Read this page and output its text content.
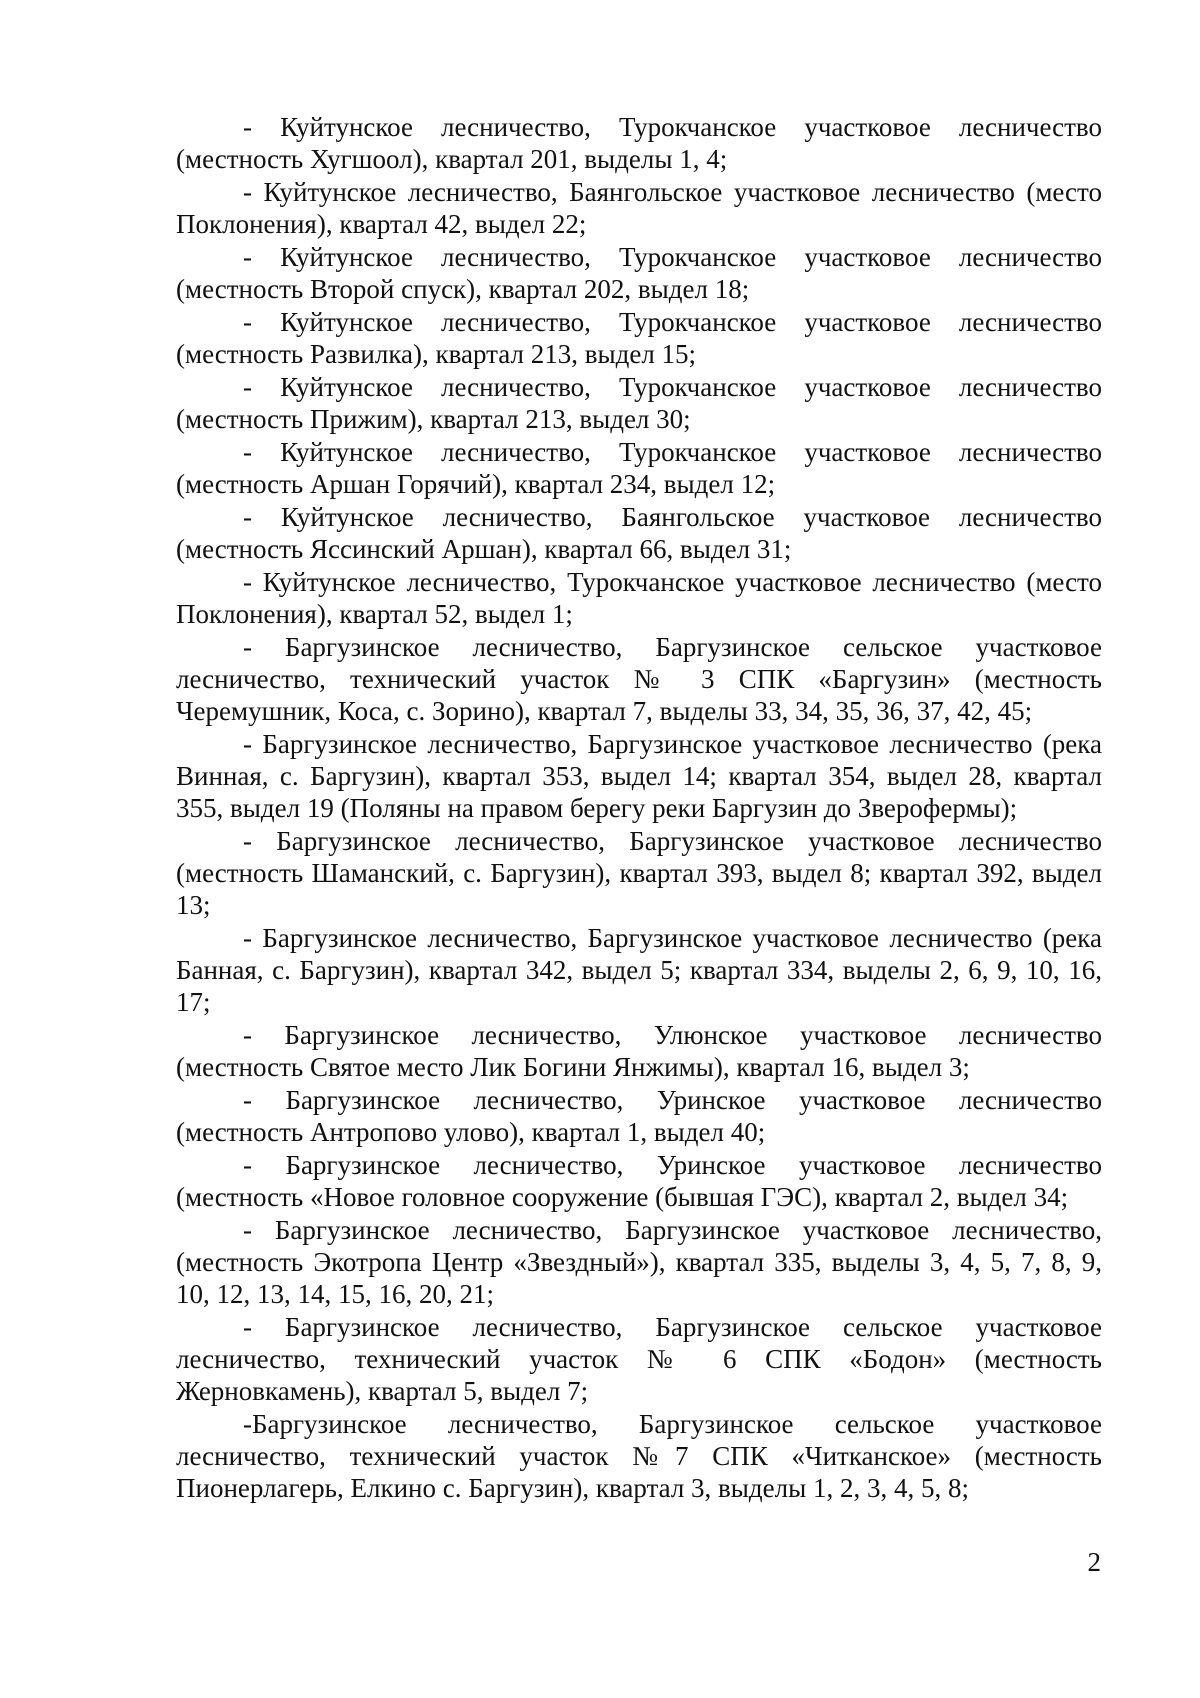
- Куйтунское лесничество, Турокчанское участковое лесничество (местность Хугшоол), квартал 201, выделы 1, 4;

- Куйтунское лесничество, Баянгольское участковое лесничество (место Поклонения), квартал 42, выдел 22;

- Куйтунское лесничество, Турокчанское участковое лесничество (местность Второй спуск), квартал 202, выдел 18;

- Куйтунское лесничество, Турокчанское участковое лесничество (местность Развилка), квартал 213, выдел 15;

- Куйтунское лесничество, Турокчанское участковое лесничество (местность Прижим), квартал 213, выдел 30;

- Куйтунское лесничество, Турокчанское участковое лесничество (местность Аршан Горячий), квартал 234, выдел 12;

- Куйтунское лесничество, Баянгольское участковое лесничество (местность Яссинский Аршан), квартал 66, выдел 31;

- Куйтунское лесничество, Турокчанское участковое лесничество (место Поклонения), квартал 52, выдел 1;

- Баргузинское лесничество, Баргузинское сельское участковое лесничество, технический участок № 3 СПК «Баргузин» (местность Черемушник, Коса, с. Зорино), квартал 7, выделы 33, 34, 35, 36, 37, 42, 45;

- Баргузинское лесничество, Баргузинское участковое лесничество (река Винная, с. Баргузин), квартал 353, выдел 14; квартал 354, выдел 28, квартал 355, выдел 19 (Поляны на правом берегу реки Баргузин до Зверофермы);

- Баргузинское лесничество, Баргузинское участковое лесничество (местность Шаманский, с. Баргузин), квартал 393, выдел 8; квартал 392, выдел 13;

- Баргузинское лесничество, Баргузинское участковое лесничество (река Банная, с. Баргузин), квартал 342, выдел 5; квартал 334, выделы 2, 6, 9, 10, 16, 17;

- Баргузинское лесничество, Улюнское участковое лесничество (местность Святое место Лик Богини Янжимы), квартал 16, выдел 3;

- Баргузинское лесничество, Уринское участковое лесничество (местность Антропово улово), квартал 1, выдел 40;

- Баргузинское лесничество, Уринское участковое лесничество (местность «Новое головное сооружение (бывшая ГЭС), квартал 2, выдел 34;

- Баргузинское лесничество, Баргузинское участковое лесничество, (местность Экотропа Центр «Звездный»), квартал 335, выделы 3, 4, 5, 7, 8, 9, 10, 12, 13, 14, 15, 16, 20, 21;

- Баргузинское лесничество, Баргузинское сельское участковое лесничество, технический участок № 6 СПК «Бодон» (местность Жерновкамень), квартал 5, выдел 7;

-Баргузинское лесничество, Баргузинское сельское участковое лесничество, технический участок №7 СПК «Читканское» (местность Пионерлагерь, Елкино с. Баргузин), квартал 3, выделы 1, 2, 3, 4, 5, 8;

2
